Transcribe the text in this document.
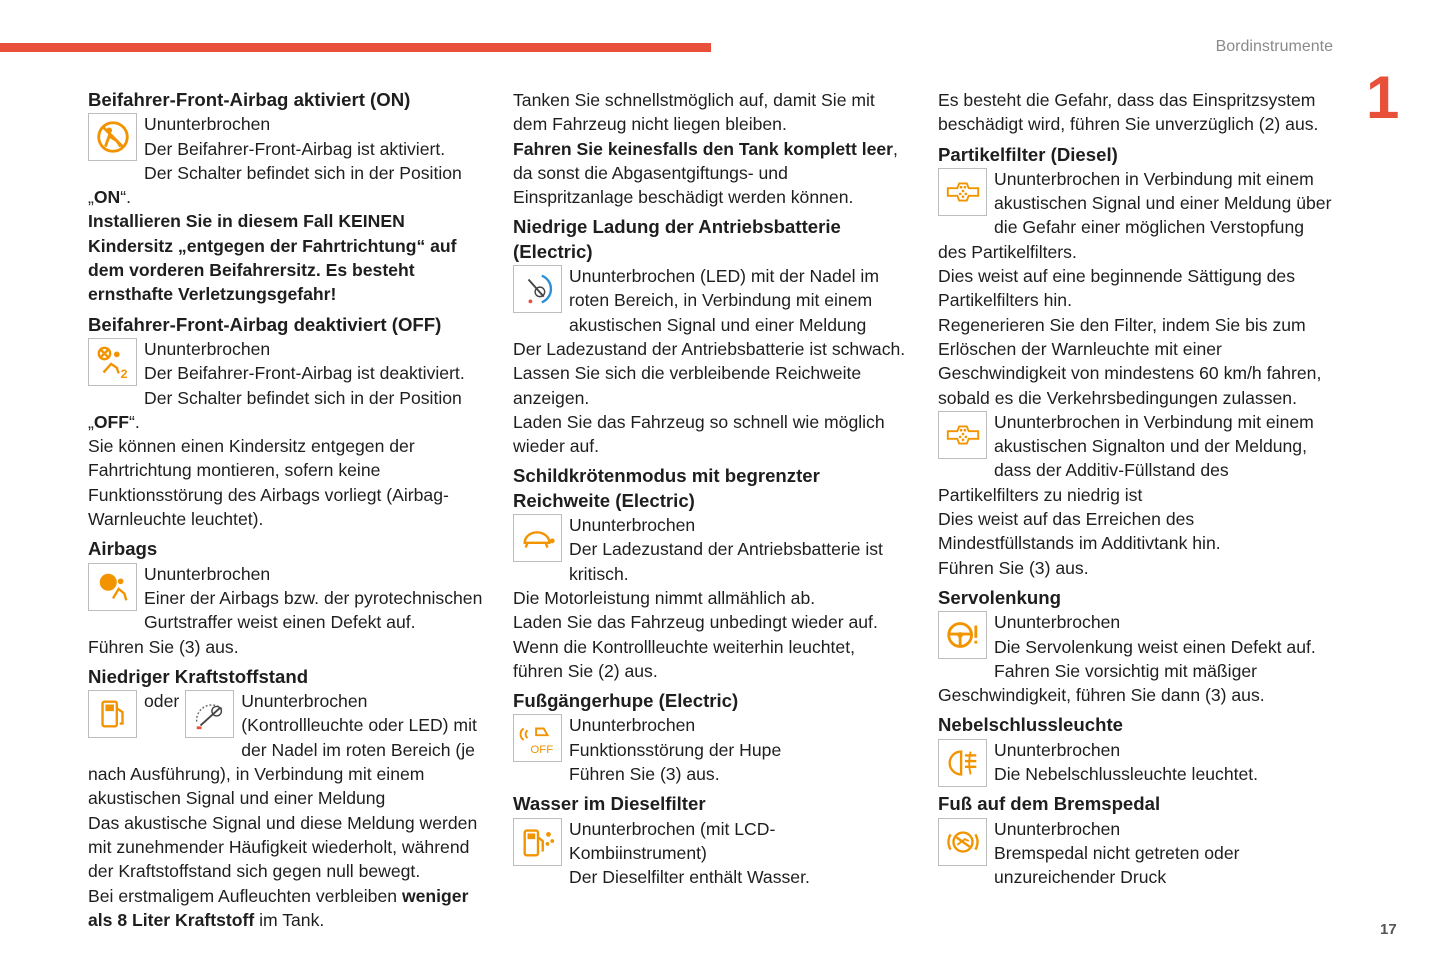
Bordinstrumente
1
17
Beifahrer-Front-Airbag aktiviert (ON)

Ununterbrochen

Der Beifahrer-Front-Airbag ist aktiviert.

Der Schalter befindet sich in der Position „ON“.

Installieren Sie in diesem Fall KEINEN Kindersitz „entgegen der Fahrtrichtung“ auf dem vorderen Beifahrersitz. Es besteht ernsthafte Verletzungsgefahr!

Beifahrer-Front-Airbag deaktiviert (OFF)
2

Ununterbrochen

Der Beifahrer-Front-Airbag ist deaktiviert.

Der Schalter befindet sich in der Position „OFF“.

Sie können einen Kindersitz entgegen der Fahrtrichtung montieren, sofern keine Funktionsstörung des Airbags vorliegt (Airbag-Warnleuchte leuchtet).

Airbags

Ununterbrochen

Einer der Airbags bzw. der pyrotechnischen Gurtstraffer weist einen Defekt auf.

Führen Sie (3) aus.

Niedriger Kraftstoffstand
oder	Ununterbrochen (Kontrollleuchte oder LED) mit der Nadel im roten Bereich (je nach Ausführung), in Verbindung mit einem akustischen Signal und einer Meldung

Das akustische Signal und diese Meldung werden mit zunehmender Häufigkeit wiederholt, während der Kraftstoffstand sich gegen null bewegt.

Bei erstmaligem Aufleuchten verbleiben weniger als 8 Liter Kraftstoff im Tank.

Tanken Sie schnellstmöglich auf, damit Sie mit dem Fahrzeug nicht liegen bleiben.

Fahren Sie keinesfalls den Tank komplett leer, da sonst die Abgasentgiftungs- und Einspritzanlage beschädigt werden können.

Niedrige Ladung der Antriebsbatterie (Electric)

Ununterbrochen (LED) mit der Nadel im roten Bereich, in Verbindung mit einem akustischen Signal und einer Meldung

Der Ladezustand der Antriebsbatterie ist schwach.

Lassen Sie sich die verbleibende Reichweite anzeigen.

Laden Sie das Fahrzeug so schnell wie möglich wieder auf.

Schildkrötenmodus mit begrenzter Reichweite (Electric)

Ununterbrochen

Der Ladezustand der Antriebsbatterie ist kritisch.

Die Motorleistung nimmt allmählich ab.

Laden Sie das Fahrzeug unbedingt wieder auf.

Wenn die Kontrollleuchte weiterhin leuchtet, führen Sie (2) aus.

Fußgängerhupe (Electric)
OFF

Ununterbrochen

Funktionsstörung der Hupe

Führen Sie (3) aus.

Wasser im Dieselfilter

Ununterbrochen (mit LCD-Kombiinstrument)

Der Dieselfilter enthält Wasser.

Es besteht die Gefahr, dass das Einspritzsystem beschädigt wird, führen Sie unverzüglich (2) aus.

Partikelfilter (Diesel)

Ununterbrochen in Verbindung mit einem akustischen Signal und einer Meldung über die Gefahr einer möglichen Verstopfung des Partikelfilters.

Dies weist auf eine beginnende Sättigung des Partikelfilters hin.

Regenerieren Sie den Filter, indem Sie bis zum Erlöschen der Warnleuchte mit einer Geschwindigkeit von mindestens 60 km/h fahren, sobald es die Verkehrsbedingungen zulassen.

Ununterbrochen in Verbindung mit einem akustischen Signalton und der Meldung, dass der Additiv-Füllstand des Partikelfilters zu niedrig ist

Dies weist auf das Erreichen des Mindestfüllstands im Additivtank hin.

Führen Sie (3) aus.

Servolenkung

Ununterbrochen

Die Servolenkung weist einen Defekt auf.

Fahren Sie vorsichtig mit mäßiger Geschwindigkeit, führen Sie dann (3) aus.

Nebelschlussleuchte

Ununterbrochen

Die Nebelschlussleuchte leuchtet.

Fuß auf dem Bremspedal

Ununterbrochen

Bremspedal nicht getreten oder unzureichender Druck
